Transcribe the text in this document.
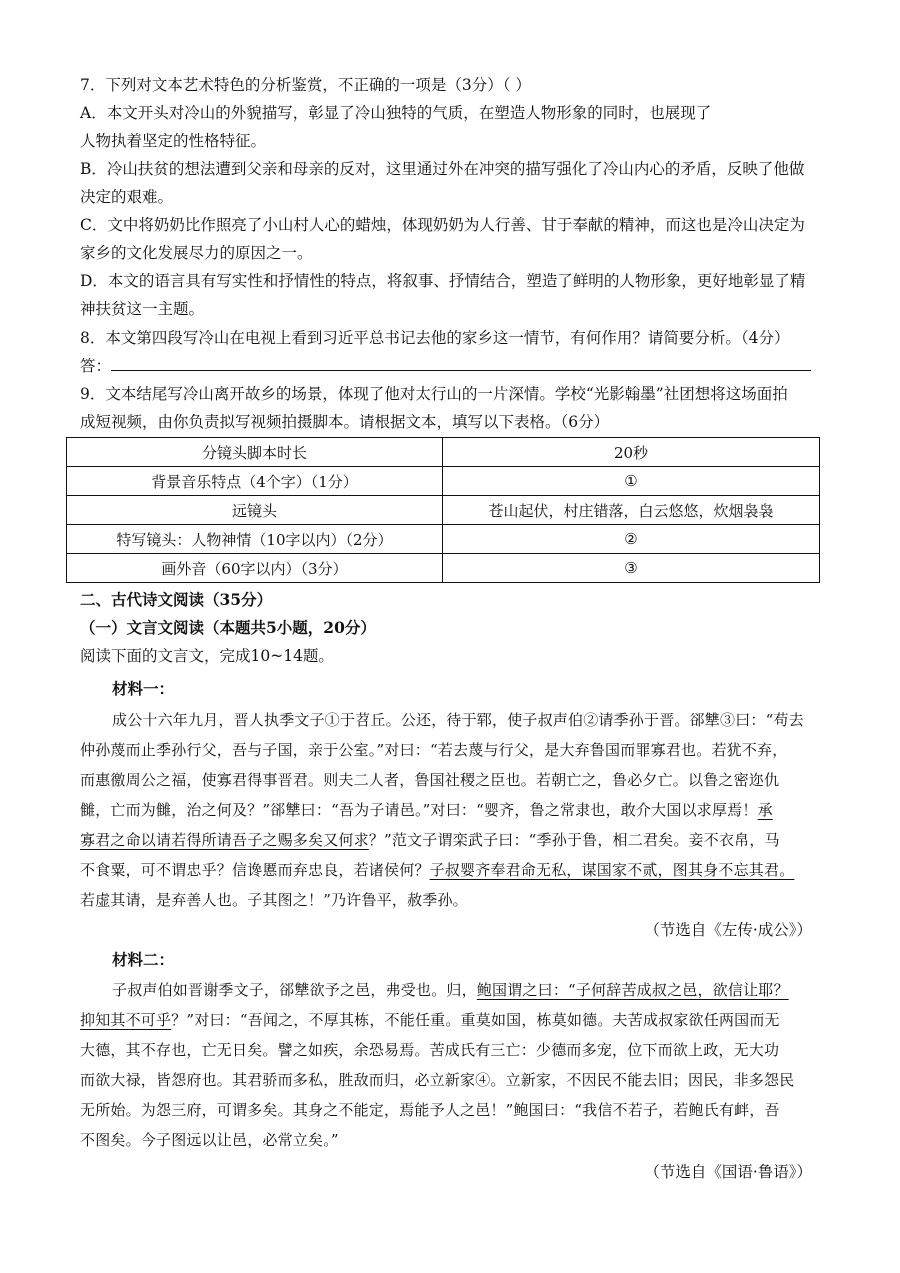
7．下列对文本艺术特色的分析鉴赏，不正确的一项是（3分）（ ）
A．本文开头对冷山的外貌描写，彰显了冷山独特的气质，在塑造人物形象的同时，也展现了
人物执着坚定的性格特征。
B．冷山扶贫的想法遭到父亲和母亲的反对，这里通过外在冲突的描写强化了冷山内心的矛盾，反映了他做
决定的艰难。
C．文中将奶奶比作照亮了小山村人心的蜡烛，体现奶奶为人行善、甘于奉献的精神，而这也是冷山决定为
家乡的文化发展尽力的原因之一。
D．本文的语言具有写实性和抒情性的特点，将叙事、抒情结合，塑造了鲜明的人物形象，更好地彰显了精
神扶贫这一主题。
8．本文第四段写冷山在电视上看到习近平总书记去他的家乡这一情节，有何作用？请简要分析。（4分）
答：
9．文本结尾写冷山离开故乡的场景，体现了他对太行山的一片深情。学校“光影翰墨”社团想将这场面拍
成短视频，由你负责拟写视频拍摄脚本。请根据文本，填写以下表格。（6分）
分镜头脚本时长	20秒
背景音乐特点（4个字）（1分）	①
远镜头	苍山起伏，村庄错落，白云悠悠，炊烟袅袅
特写镜头：人物神情（10字以内）（2分）	②
画外音（60字以内）（3分）	③
二、古代诗文阅读（35分）
（一）文言文阅读（本题共5小题，20分）
阅读下面的文言文，完成10~14题。
材料一：
成公十六年九月，晋人执季文子①于苕丘。公还，待于郓，使子叔声伯②请季孙于晋。郤犨③曰：“苟去
仲孙蔑而止季孙行父，吾与子国，亲于公室。”对曰：“若去蔑与行父，是大弃鲁国而罪寡君也。若犹不弃，
而惠徼周公之福，使寡君得事晋君。则夫二人者，鲁国社稷之臣也。若朝亡之，鲁必夕亡。以鲁之密迩仇
雠，亡而为雠，治之何及？”郤犨曰：“吾为子请邑。”对曰：“婴齐，鲁之常隶也，敢介大国以求厚焉！承
寡君之命以请若得所请吾子之赐多矣又何求？”范文子谓栾武子曰：“季孙于鲁，相二君矣。妾不衣帛，马
不食粟，可不谓忠乎？信谗慝而弃忠良，若诸侯何？子叔婴齐奉君命无私，谋国家不贰，图其身不忘其君。
若虚其请，是弃善人也。子其图之！”乃许鲁平，赦季孙。
（节选自《左传·成公》）
材料二：
子叔声伯如晋谢季文子，郤犨欲予之邑，弗受也。归，鲍国谓之曰：“子何辞苦成叔之邑，欲信让耶？
抑知其不可乎？”对曰：“吾闻之，不厚其栋，不能任重。重莫如国，栋莫如德。夫苦成叔家欲任两国而无
大德，其不存也，亡无日矣。譬之如疾，余恐易焉。苦成氏有三亡：少德而多宠，位下而欲上政，无大功
而欲大禄，皆怨府也。其君骄而多私，胜敌而归，必立新家④。立新家，不因民不能去旧；因民，非多怨民
无所始。为怨三府，可谓多矣。其身之不能定，焉能予人之邑！”鲍国曰：“我信不若子，若鲍氏有衅，吾
不图矣。今子图远以让邑，必常立矣。”
（节选自《国语·鲁语》）
